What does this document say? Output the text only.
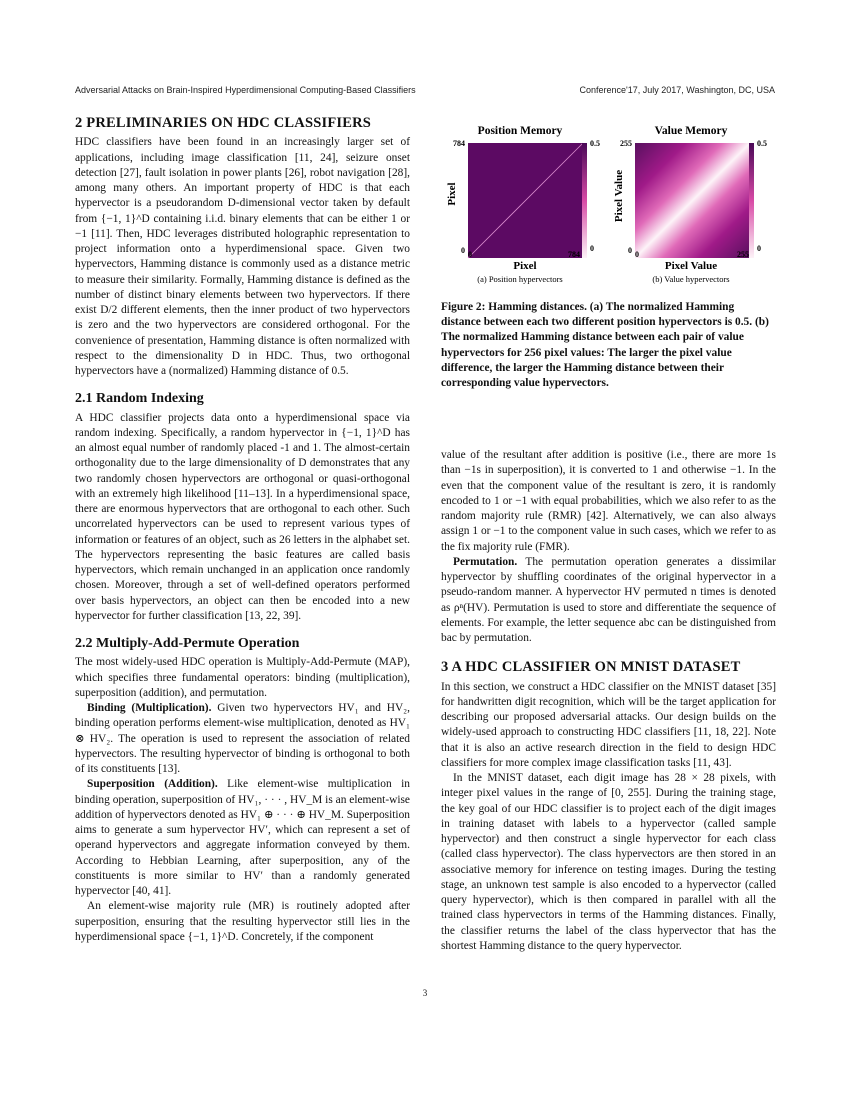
Adversarial Attacks on Brain-Inspired Hyperdimensional Computing-Based Classifiers	Conference'17, July 2017, Washington, DC, USA
2 PRELIMINARIES ON HDC CLASSIFIERS

HDC classifiers have been found in an increasingly larger set of applications, including image classification [11, 24], seizure onset detection [27], fault isolation in power plants [26], robot navigation [28], among many others. An important property of HDC is that each hypervector is a pseudorandom D-dimensional vector taken by default from {−1, 1}^D containing i.i.d. binary elements that can be either 1 or −1 [11]. Then, HDC leverages distributed holographic representation to project information onto a hyperdimensional space. Given two hypervectors, Hamming distance is commonly used as a distance metric to measure their similarity. Formally, Hamming distance is defined as the number of distinct binary elements between two hypervectors. If there exist D/2 different elements, then the inner product of two hypervectors is zero and the two hypervectors are considered orthogonal. For the convenience of presentation, Hamming distance is often normalized with respect to the dimensionality D in HDC. Thus, two orthogonal hypervectors have a (normalized) Hamming distance of 0.5.

2.1 Random Indexing

A HDC classifier projects data onto a hyperdimensional space via random indexing. Specifically, a random hypervector in {−1, 1}^D has an almost equal number of randomly placed -1 and 1. The almost-certain orthogonality due to the large dimensionality of D demonstrates that any two randomly chosen hypervectors are orthogonal or quasi-orthogonal with an extremely high likelihood [11–13]. In a hyperdimensional space, there are enormous hypervectors that are orthogonal to each other. Such uncorrelated hypervectors can be used to represent various types of information or features of an object, such as 26 letters in the alphabet set. The hypervectors representing the basic features are called basis hypervectors, which remain unchanged in an application once randomly chosen. Moreover, through a set of well-defined operators performed over basis hypervectors, an object can then be encoded into a new hypervector for further classification [13, 22, 39].

2.2 Multiply-Add-Permute Operation

The most widely-used HDC operation is Multiply-Add-Permute (MAP), which specifies three fundamental operators: binding (multiplication), superposition (addition), and permutation.

Binding (Multiplication). Given two hypervectors HV₁ and HV₂, binding operation performs element-wise multiplication, denoted as HV₁ ⊗ HV₂. The operation is used to represent the association of related hypervectors. The resulting hypervector of binding is orthogonal to both of its constituents [13].

Superposition (Addition). Like element-wise multiplication in binding operation, superposition of HV₁, · · · , HV_M is an element-wise addition of hypervectors denoted as HV₁ ⊕ · · · ⊕ HV_M. Superposition aims to generate a sum hypervector HV′, which can represent a set of operand hypervectors and aggregate information conveyed by them. According to Hebbian Learning, after superposition, any of the constituents is more similar to HV′ than a randomly generated hypervector [40, 41].

An element-wise majority rule (MR) is routinely adopted after superposition, ensuring that the resulting hypervector still lies in the hyperdimensional space {−1, 1}^D. Concretely, if the component

Position Memory
784
0 0	784
Pixel
Pixel
0.5
0
Value Memory
255
0 0	255
Pixel Value
Pixel Value
0.5
0
(a) Position hypervectors	(b) Value hypervectors
Figure 2: Hamming distances. (a) The normalized Hamming distance between each two different position hypervectors is 0.5. (b) The normalized Hamming distance between each pair of value hypervectors for 256 pixel values: The larger the pixel value difference, the larger the Hamming distance between their corresponding value hypervectors.

value of the resultant after addition is positive (i.e., there are more 1s than −1s in superposition), it is converted to 1 and otherwise −1. In the even that the component value of the resultant is zero, it is randomly encoded to 1 or −1 with equal probabilities, which we also refer to as the random majority rule (RMR) [42]. Alternatively, we can also always assign 1 or −1 to the component value in such cases, which we refer to as the fix majority rule (FMR).

Permutation. The permutation operation generates a dissimilar hypervector by shuffling coordinates of the original hypervector in a pseudo-random manner. A hypervector HV permuted n times is denoted as ρⁿ(HV). Permutation is used to store and differentiate the sequence of elements. For example, the letter sequence abc can be distinguished from bac by permutation.

3 A HDC CLASSIFIER ON MNIST DATASET

In this section, we construct a HDC classifier on the MNIST dataset [35] for handwritten digit recognition, which will be the target application for describing our proposed adversarial attacks. Our design builds on the widely-used approach to constructing HDC classifiers [11, 18, 22]. Note that it is also an active research direction in the field to design HDC classifiers for more complex image classification tasks [11, 43].

In the MNIST dataset, each digit image has 28 × 28 pixels, with integer pixel values in the range of [0, 255]. During the training stage, the key goal of our HDC classifier is to project each of the digit images in training dataset with labels to a hypervector (called sample hypervector) and then construct a single hypervector for each class (called class hypervector). The class hypervectors are then stored in an associative memory for inference on testing images. During the testing stage, an unknown test sample is also encoded to a hypervector (called query hypervector), which is then compared in parallel with all the trained class hypervectors in terms of the Hamming distances. Finally, the classifier returns the label of the class hypervector that has the shortest Hamming distance to the query hypervector.

3
